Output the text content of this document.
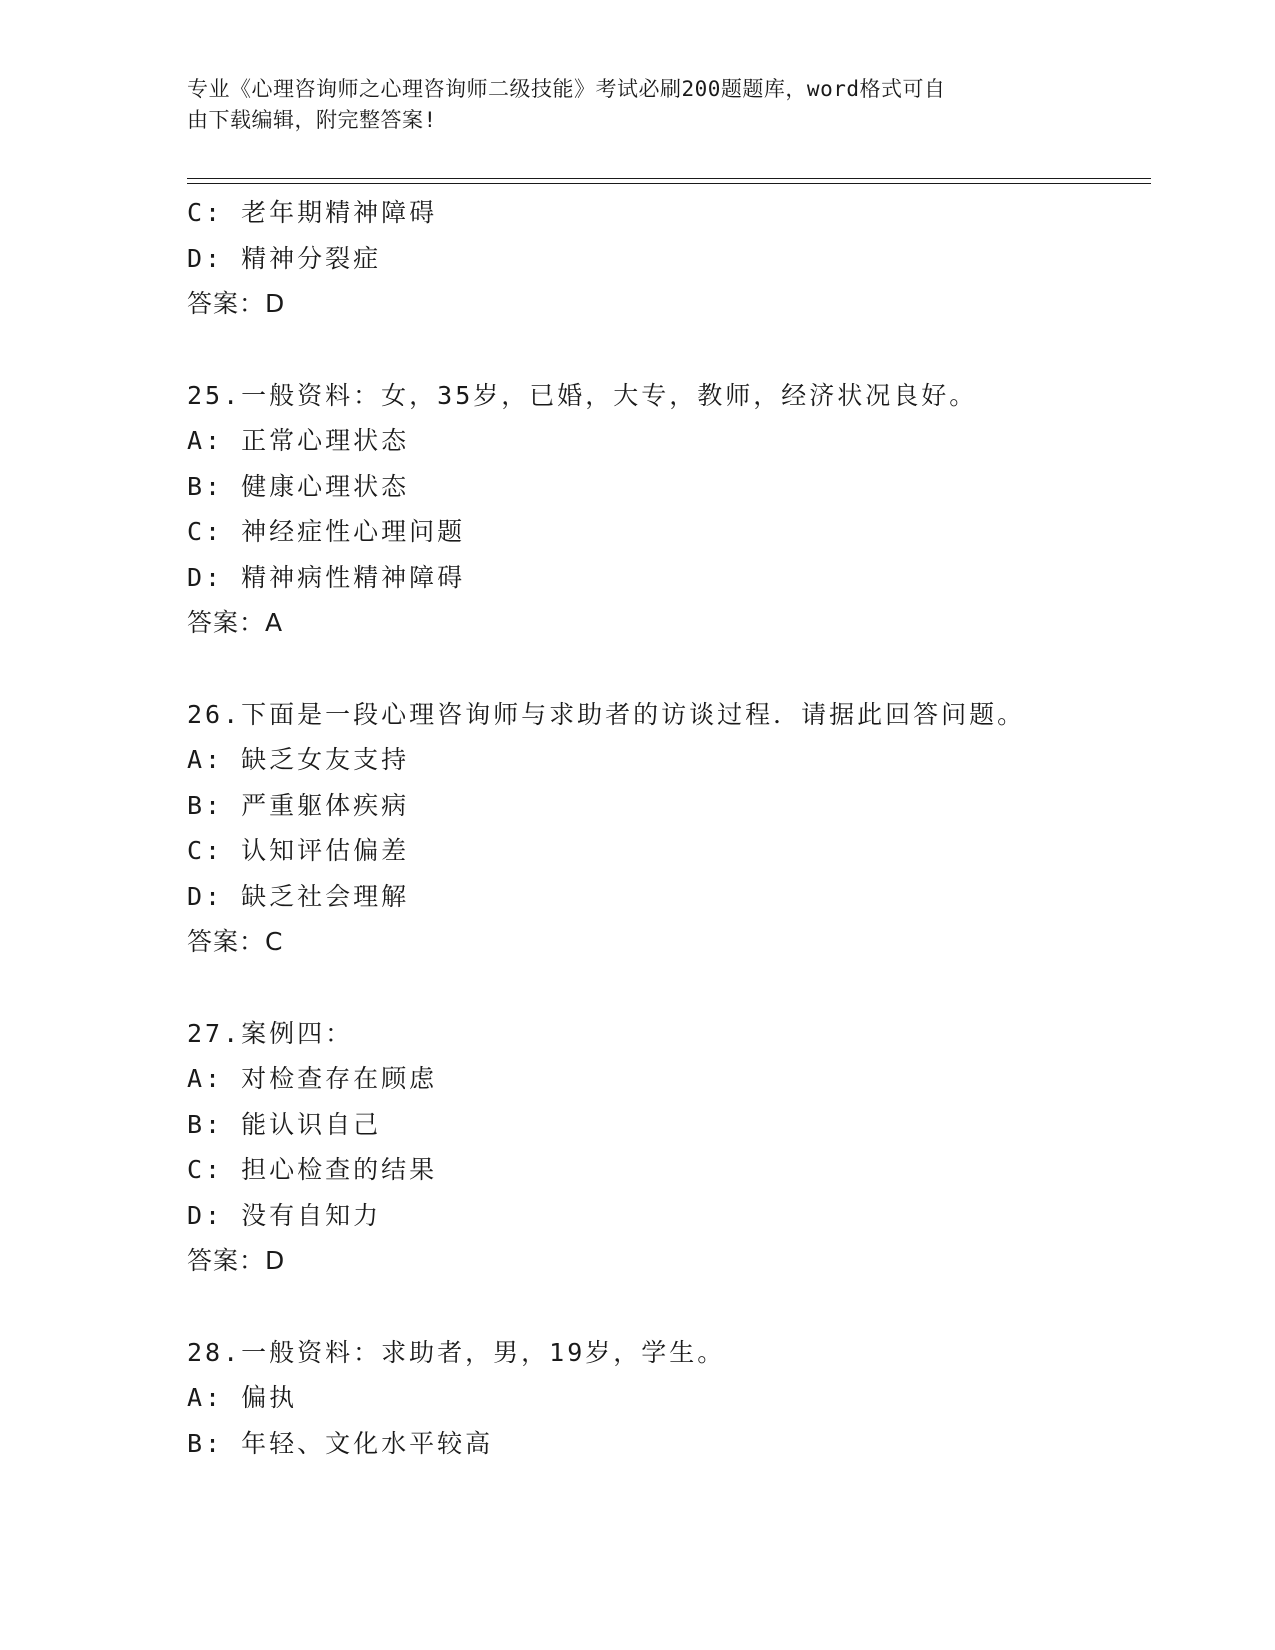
专业《心理咨询师之心理咨询师二级技能》考试必刷200题题库，word格式可自
由下载编辑，附完整答案!
C: 老年期精神障碍
D: 精神分裂症
答案：D
25.一般资料：女，35岁，已婚，大专，教师，经济状况良好。
A: 正常心理状态
B: 健康心理状态
C: 神经症性心理问题
D: 精神病性精神障碍
答案：A
26.下面是一段心理咨询师与求助者的访谈过程．请据此回答问题。
A: 缺乏女友支持
B: 严重躯体疾病
C: 认知评估偏差
D: 缺乏社会理解
答案：C
27.案例四：
A: 对检查存在顾虑
B: 能认识自己
C: 担心检查的结果
D: 没有自知力
答案：D
28.一般资料：求助者，男，19岁，学生。
A: 偏执
B: 年轻、文化水平较高
